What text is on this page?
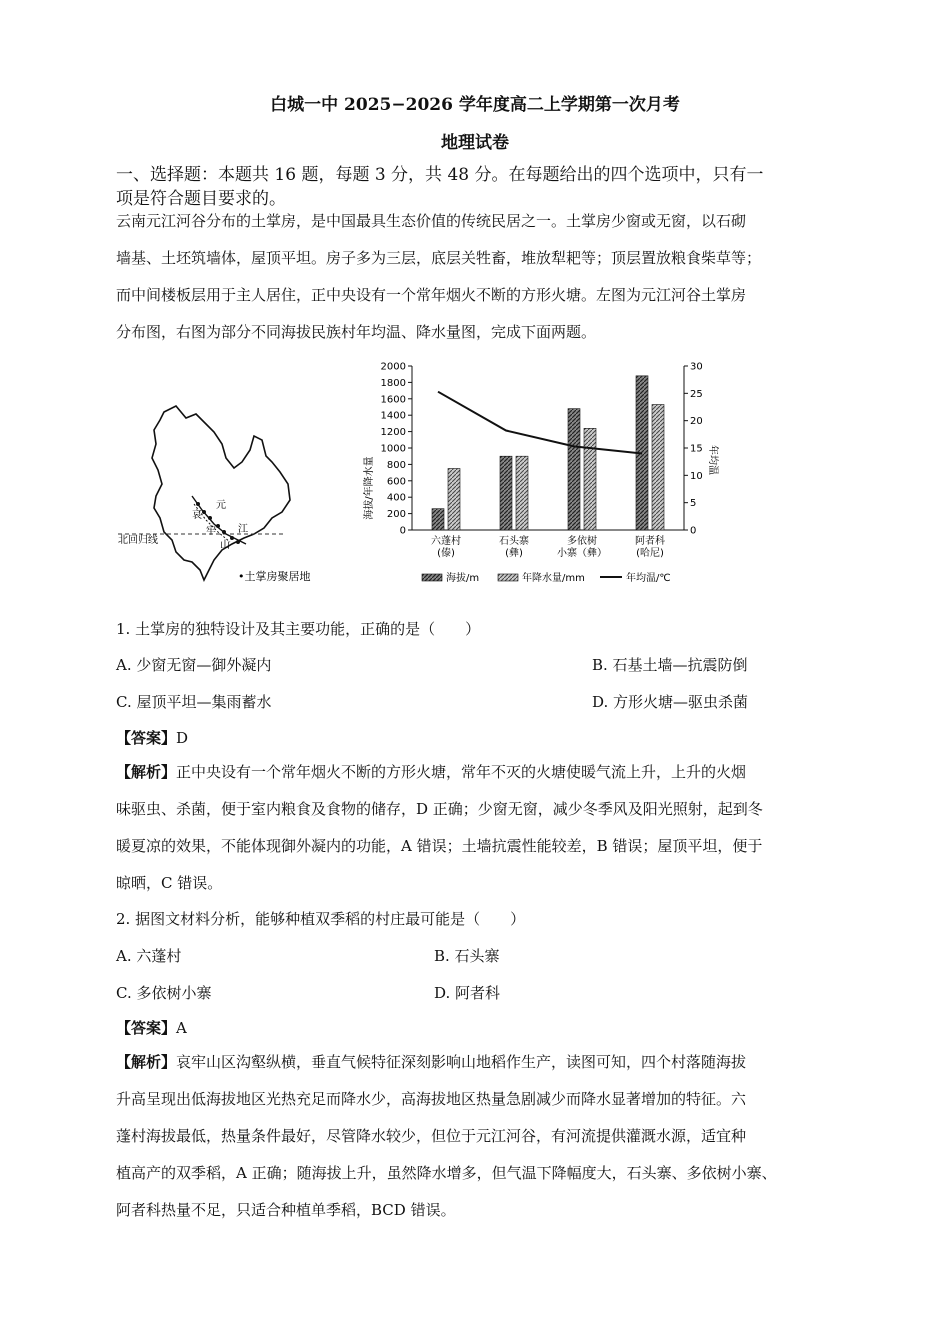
白城一中 2025−2026 学年度高二上学期第一次月考
地理试卷
一、选择题：本题共 16 题，每题 3 分，共 48 分。在每题给出的四个选项中，只有一
项是符合题目要求的。
云南元江河谷分布的土掌房，是中国最具生态价值的传统民居之一。土掌房少窗或无窗，以石砌
墙基、土坯筑墙体，屋顶平坦。房子多为三层，底层关牲畜，堆放犁耙等；顶层置放粮食柴草等；
而中间楼板层用于主人居住，正中央设有一个常年烟火不断的方形火塘。左图为元江河谷土掌房
分布图，右图为部分不同海拔民族村年均温、降水量图，完成下面两题。
北回归线
哀
牢
山
元
江
•土掌房聚居地
0
200
400
600
800
1000
1200
1400
1600
1800
2000
0
5
10
15
20
25
30
六蓬村
(傣)
石头寨
(彝)
多依树
小寨（彝）
阿者科
(哈尼)
海拔/年降水量	年均温
海拔/m	年降水量/mm	年均温/℃
1. 土掌房的独特设计及其主要功能，正确的是（　　）
A. 少窗无窗—御外凝内	B. 石基土墙—抗震防倒
C. 屋顶平坦—集雨蓄水	D. 方形火塘—驱虫杀菌
【答案】D
【解析】正中央设有一个常年烟火不断的方形火塘，常年不灭的火塘使暖气流上升，上升的火烟
味驱虫、杀菌，便于室内粮食及食物的储存，D 正确；少窗无窗，减少冬季风及阳光照射，起到冬
暖夏凉的效果，不能体现御外凝内的功能，A 错误；土墙抗震性能较差，B 错误；屋顶平坦，便于
晾晒，C 错误。
2. 据图文材料分析，能够种植双季稻的村庄最可能是（　　）
A. 六蓬村	B. 石头寨
C. 多依树小寨	D. 阿者科
【答案】A
【解析】哀牢山区沟壑纵横，垂直气候特征深刻影响山地稻作生产，读图可知，四个村落随海拔
升高呈现出低海拔地区光热充足而降水少，高海拔地区热量急剧减少而降水显著增加的特征。六
蓬村海拔最低，热量条件最好，尽管降水较少，但位于元江河谷，有河流提供灌溉水源，适宜种
植高产的双季稻，A 正确；随海拔上升，虽然降水增多，但气温下降幅度大，石头寨、多依树小寨、
阿者科热量不足，只适合种植单季稻，BCD 错误。
